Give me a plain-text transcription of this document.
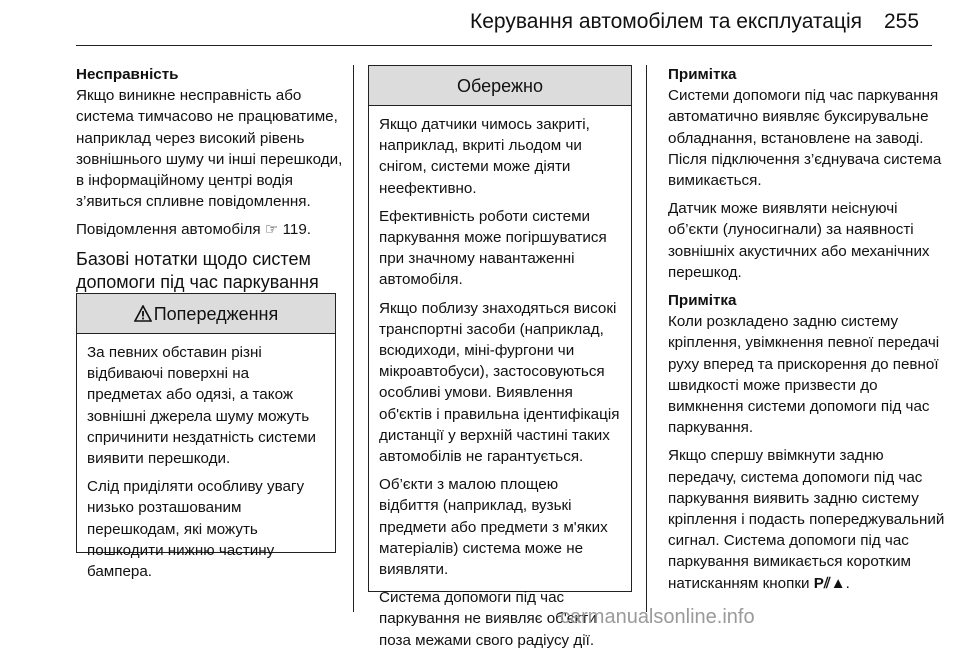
Керування автомобілем та експлуатація 255

Несправність
Якщо виникне несправність або система тимчасово не працюватиме, наприклад через високий рівень зовнішнього шуму чи інші перешкоди, в інформаційному центрі водія з’явиться спливне повідомлення.

Повідомлення автомобіля ☞ 119.

Базові нотатки щодо систем допомоги під час паркування
Попередження

За певних обставин різні відбиваючі поверхні на предметах або одязі, а також зовнішні джерела шуму можуть спричинити нездатність системи виявити перешкоди.

Слід приділяти особливу увагу низько розташованим перешкодам, які можуть пошкодити нижню частину бампера.

Обережно

Якщо датчики чимось закриті, наприклад, вкриті льодом чи снігом, системи може діяти неефективно.

Ефективність роботи системи паркування може погіршуватися при значному навантаженні автомобіля.

Якщо поблизу знаходяться високі транспортні засоби (наприклад, всюдиходи, міні-фургони чи мікроавтобуси), застосовуються особливі умови. Виявлення об'єктів і правильна ідентифікація дистанції у верхній частині таких автомобілів не гарантується.

Об’єкти з малою площею відбиття (наприклад, вузькі предмети або предмети з м'яких матеріалів) система може не виявляти.

Система допомоги під час паркування не виявляє об'єкти поза межами свого радіусу дії.

Примітка
Системи допомоги під час паркування автоматично виявляє буксирувальне обладнання, встановлене на заводі. Після підключення з’єднувача система вимикається.

Датчик може виявляти неіснуючі об’єкти (луносигнали) за наявності зовнішніх акустичних або механічних перешкод.

Примітка
Коли розкладено задню систему кріплення, увімкнення певної передачі руху вперед та прискорення до певної швидкості може призвести до вимкнення системи допомоги під час паркування.

Якщо спершу ввімкнути задню передачу, система допомоги під час паркування виявить задню систему кріплення і подасть попереджувальний сигнал. Система допомоги під час паркування вимикається коротким натисканням кнопки P⫽▲.

carmanualsonline.info
